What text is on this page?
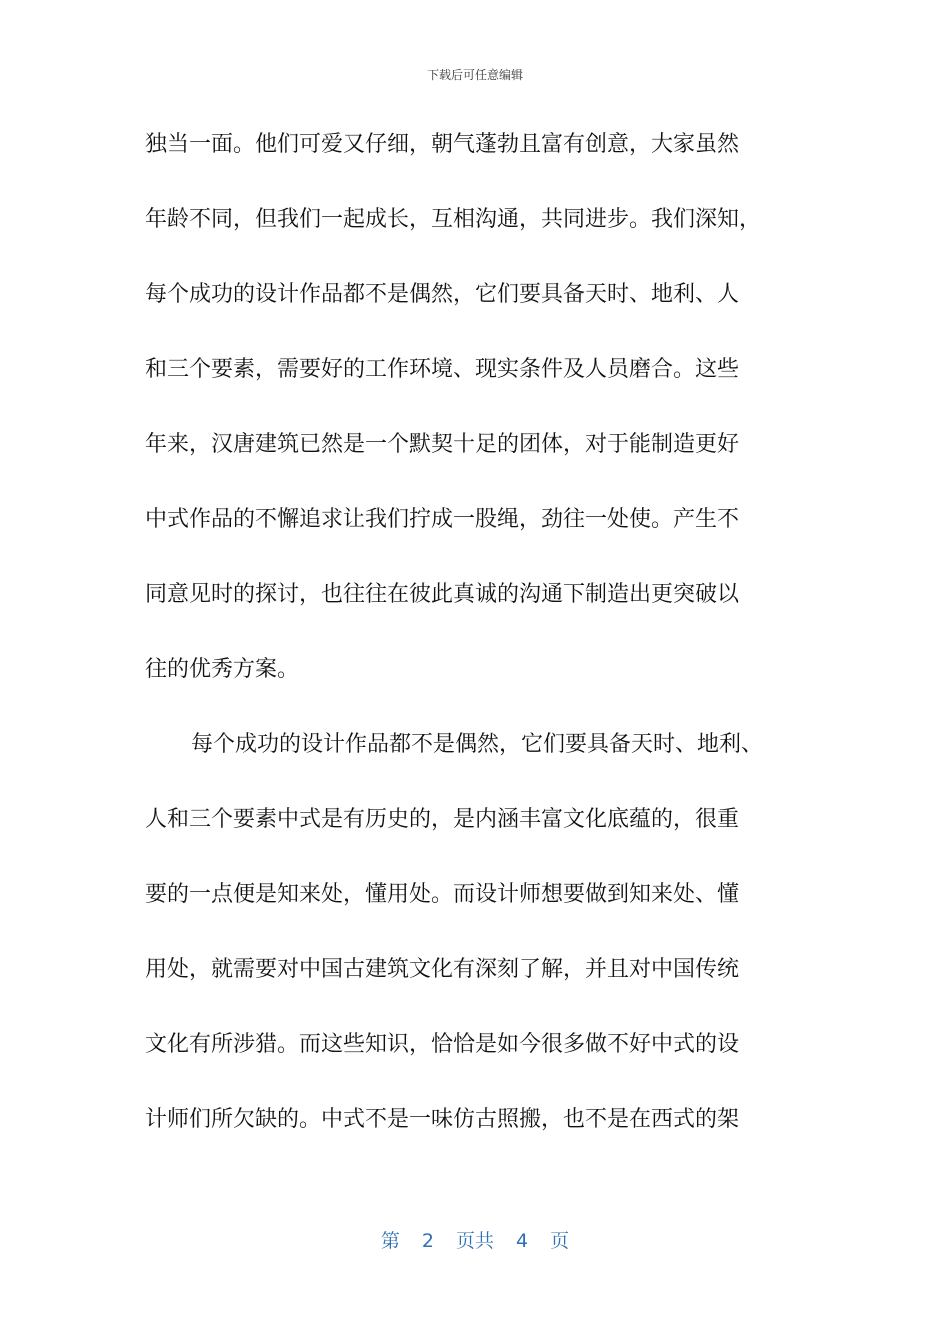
下载后可任意编辑
独当一面。他们可爱又仔细，朝气蓬勃且富有创意，大家虽然
年龄不同，但我们一起成长，互相沟通，共同进步。我们深知，
每个成功的设计作品都不是偶然，它们要具备天时、地利、人
和三个要素，需要好的工作环境、现实条件及人员磨合。这些
年来，汉唐建筑已然是一个默契十足的团体，对于能制造更好
中式作品的不懈追求让我们拧成一股绳，劲往一处使。产生不
同意见时的探讨，也往往在彼此真诚的沟通下制造出更突破以
往的优秀方案。
每个成功的设计作品都不是偶然，它们要具备天时、地利、
人和三个要素中式是有历史的，是内涵丰富文化底蕴的，很重
要的一点便是知来处，懂用处。而设计师想要做到知来处、懂
用处，就需要对中国古建筑文化有深刻了解，并且对中国传统
文化有所涉猎。而这些知识，恰恰是如今很多做不好中式的设
计师们所欠缺的。中式不是一味仿古照搬，也不是在西式的架
第 2 页共 4 页
